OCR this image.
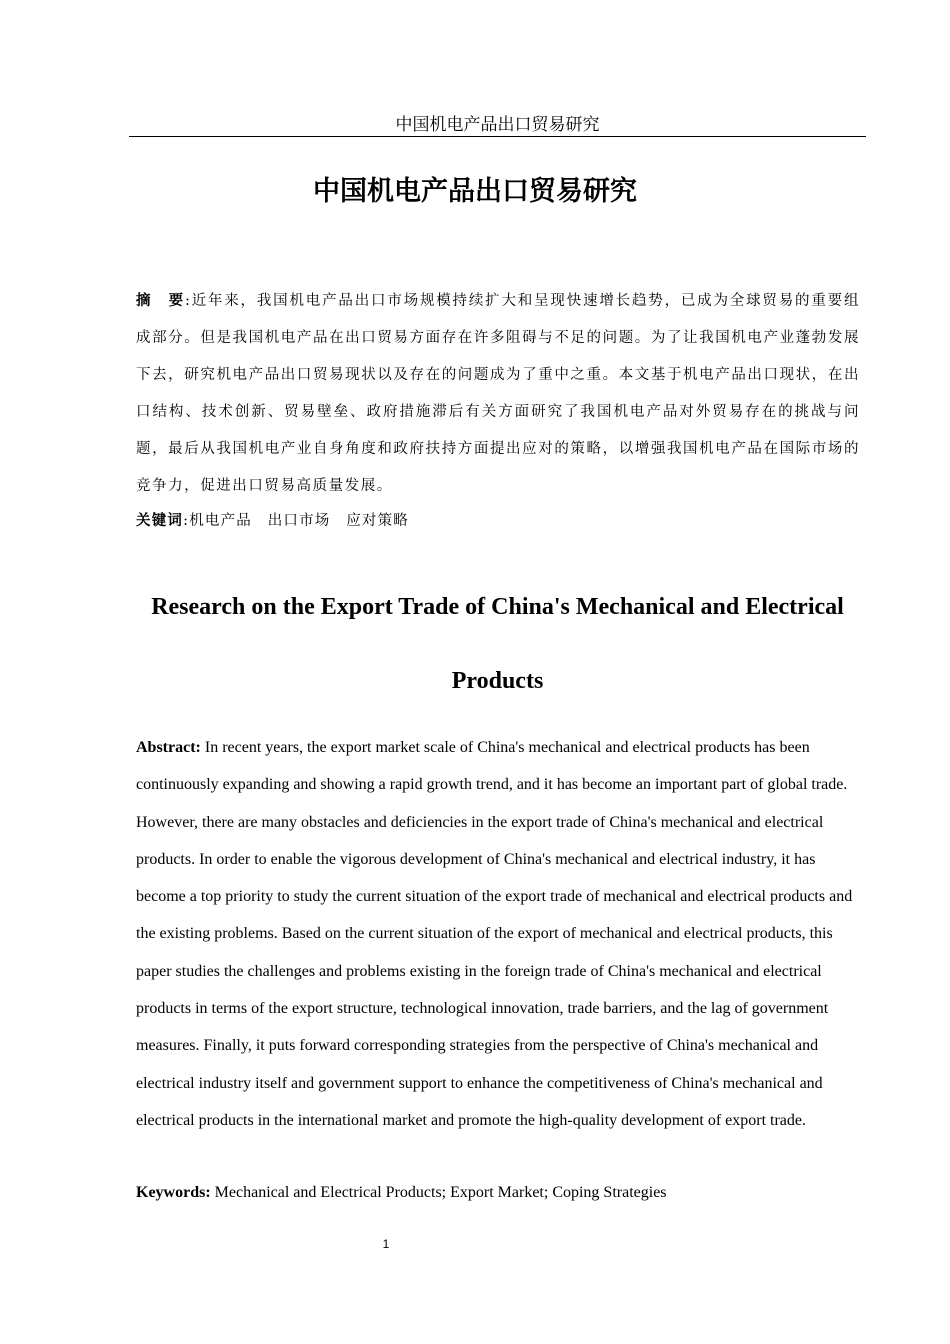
中国机电产品出口贸易研究
中国机电产品出口贸易研究

摘　要:近年来，我国机电产品出口市场规模持续扩大和呈现快速增长趋势，已成为全球贸易的重要组成部分。但是我国机电产品在出口贸易方面存在许多阻碍与不足的问题。为了让我国机电产业蓬勃发展下去，研究机电产品出口贸易现状以及存在的问题成为了重中之重。本文基于机电产品出口现状，在出口结构、技术创新、贸易壁垒、政府措施滞后有关方面研究了我国机电产品对外贸易存在的挑战与问题，最后从我国机电产业自身角度和政府扶持方面提出应对的策略，以增强我国机电产品在国际市场的竞争力，促进出口贸易高质量发展。

关键词:机电产品　出口市场　应对策略

Research on the Export Trade of China's Mechanical and Electrical Products

Abstract: In recent years, the export market scale of China's mechanical and electrical products has been continuously expanding and showing a rapid growth trend, and it has become an important part of global trade. However, there are many obstacles and deficiencies in the export trade of China's mechanical and electrical products. In order to enable the vigorous development of China's mechanical and electrical industry, it has become a top priority to study the current situation of the export trade of mechanical and electrical products and the existing problems. Based on the current situation of the export of mechanical and electrical products, this paper studies the challenges and problems existing in the foreign trade of China's mechanical and electrical products in terms of the export structure, technological innovation, trade barriers, and the lag of government measures. Finally, it puts forward corresponding strategies from the perspective of China's mechanical and electrical industry itself and government support to enhance the competitiveness of China's mechanical and electrical products in the international market and promote the high-quality development of export trade.

Keywords: Mechanical and Electrical Products; Export Market; Coping Strategies

1
